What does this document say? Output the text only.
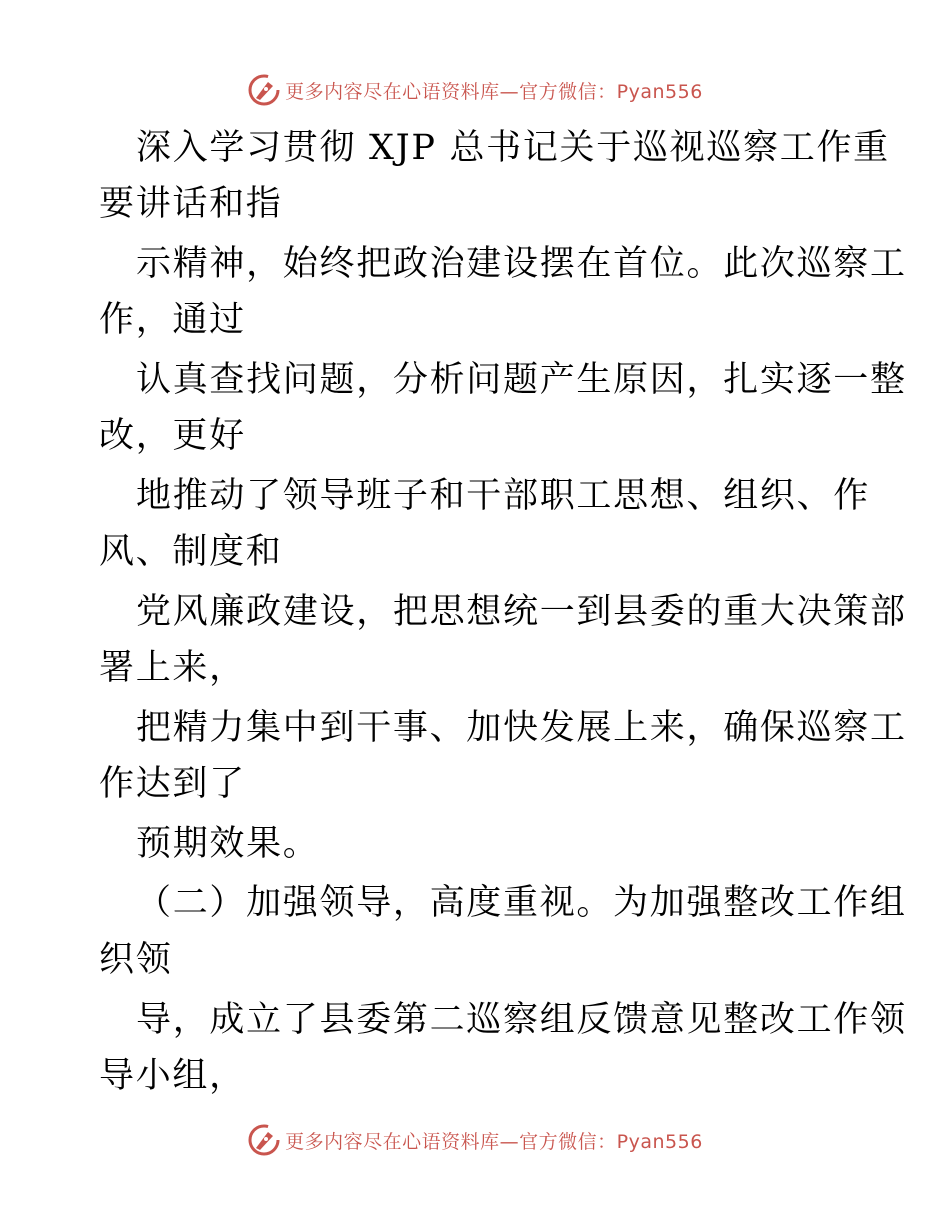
更多内容尽在心语资料库—官方微信：Pyan556
深入学习贯彻 XJP 总书记关于巡视巡察工作重
要讲话和指
示精神，始终把政治建设摆在首位。此次巡察工
作，通过
认真查找问题，分析问题产生原因，扎实逐一整
改，更好
地推动了领导班子和干部职工思想、组织、作
风、制度和
党风廉政建设，把思想统一到县委的重大决策部
署上来，
把精力集中到干事、加快发展上来，确保巡察工
作达到了
预期效果。
（二）加强领导，高度重视。为加强整改工作组
织领
导，成立了县委第二巡察组反馈意见整改工作领
导小组，
更多内容尽在心语资料库—官方微信：Pyan556
